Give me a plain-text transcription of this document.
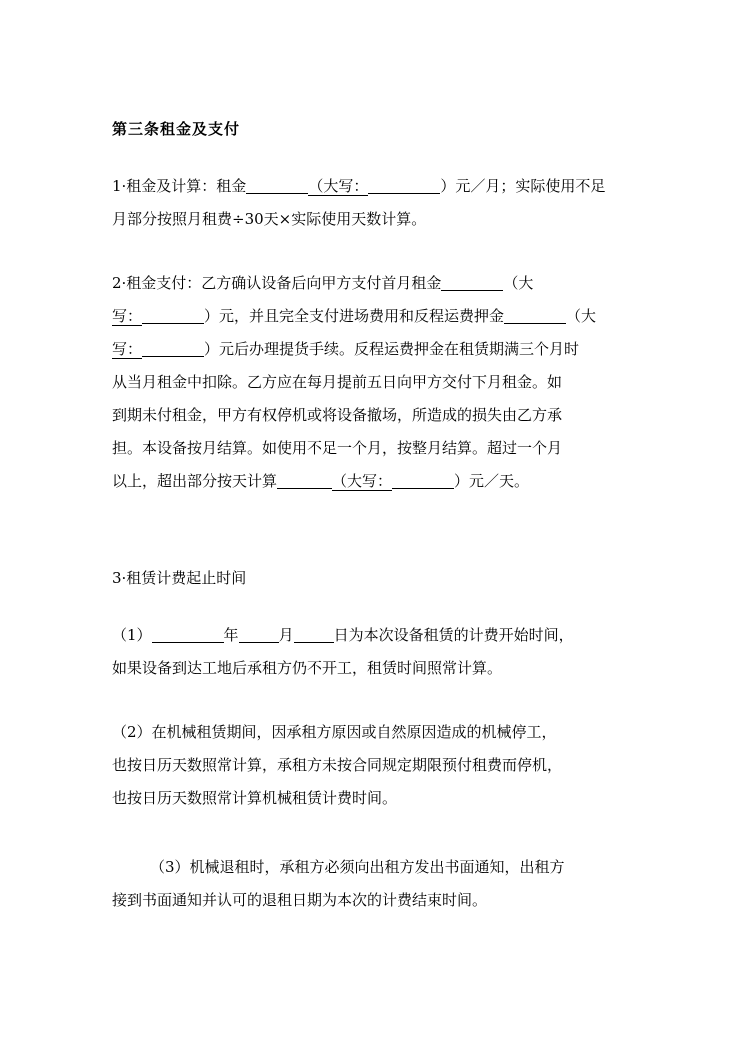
第三条租金及支付
1·租金及计算：租金	（大写：	）元／月；实际使用不足
月部分按照月租费÷30天×实际使用天数计算。
2·租金支付：乙方确认设备后向甲方支付首月租金	（大
写：	）元，并且完全支付进场费用和反程运费押金	（大
写：	）元后办理提货手续。反程运费押金在租赁期满三个月时
从当月租金中扣除。乙方应在每月提前五日向甲方交付下月租金。如
到期未付租金，甲方有权停机或将设备撤场，所造成的损失由乙方承
担。本设备按月结算。如使用不足一个月，按整月结算。超过一个月
以上，超出部分按天计算	（大写：	）元／天。
3·租赁计费起止时间
（1）	年	月	日为本次设备租赁的计费开始时间，
如果设备到达工地后承租方仍不开工，租赁时间照常计算。
（2）在机械租赁期间，因承租方原因或自然原因造成的机械停工，
也按日历天数照常计算，承租方未按合同规定期限预付租费而停机，
也按日历天数照常计算机械租赁计费时间。
（3）机械退租时，承租方必须向出租方发出书面通知，出租方
接到书面通知并认可的退租日期为本次的计费结束时间。
